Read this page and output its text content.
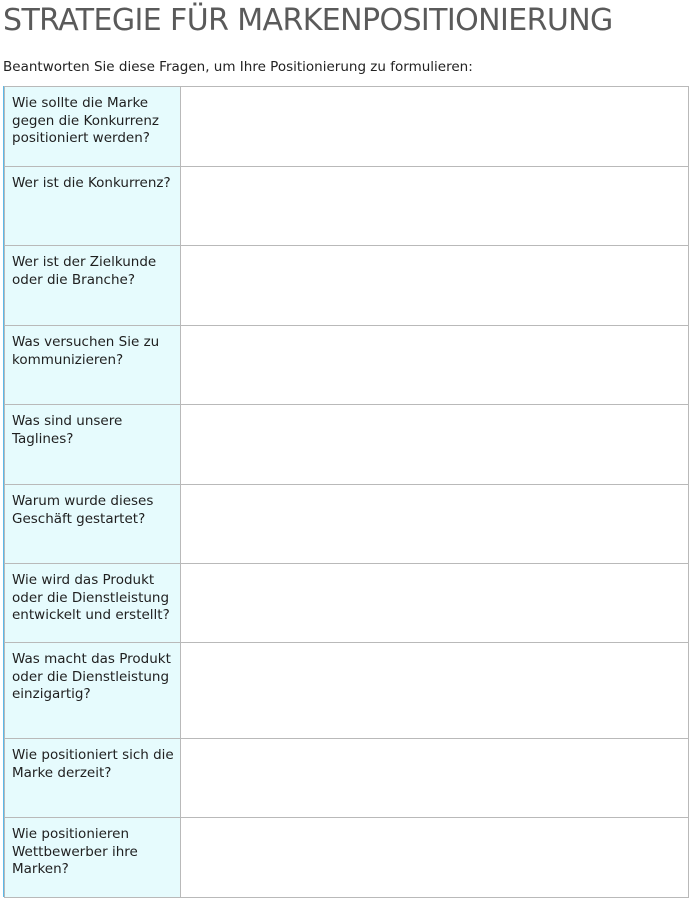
STRATEGIE FÜR MARKENPOSITIONIERUNG
Beantworten Sie diese Fragen, um Ihre Positionierung zu formulieren:
Wie sollte die Marke gegen die Konkurrenz positioniert werden?	

Wer ist die Konkurrenz?	

Wer ist der Zielkunde oder die Branche?	

Was versuchen Sie zu kommunizieren?	

Was sind unsere Taglines?	

Warum wurde dieses Geschäft gestartet?	

Wie wird das Produkt oder die Dienstleistung entwickelt und erstellt?	

Was macht das Produkt oder die Dienstleistung einzigartig?	

Wie positioniert sich die Marke derzeit?	

Wie positionieren Wettbewerber ihre Marken?	
